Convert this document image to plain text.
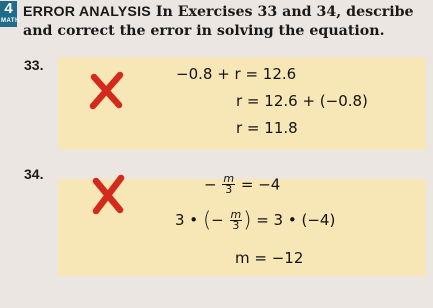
4
MATH
ERROR ANALYSIS In Exercises 33 and 34, describe and correct the error in solving the equation.
33.	−0.8 + r = 12.6
r = 12.6 + (−0.8)
r = 11.8
34.
− $\frac{m}{3} = -4$
3 • (− $\frac{m}{3}$ ) = 3 • (−4)
m = −12
